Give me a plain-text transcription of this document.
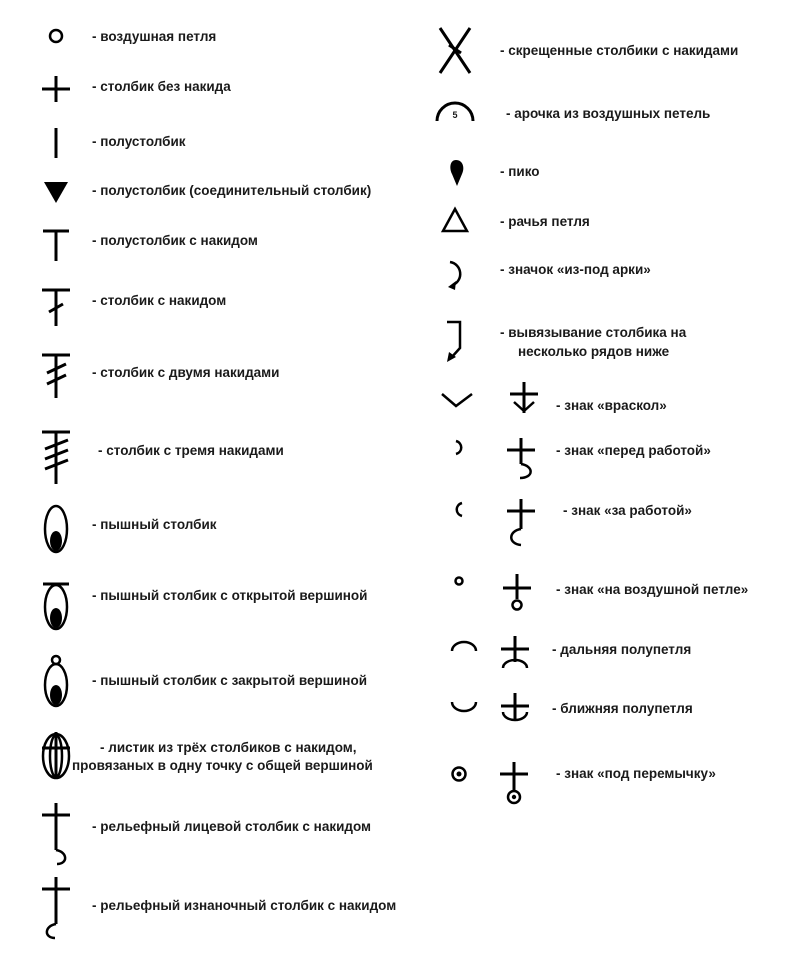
- воздушная петля
- столбик без накида
- полустолбик
- полустолбик (соединительный столбик)
- полустолбик с накидом
- столбик с накидом
- столбик с двумя накидами
- столбик с тремя накидами
- пышный столбик
- пышный столбик с открытой вершиной
- пышный столбик с закрытой вершиной
- листик из трёх столбиков с накидом,
провязаных в одну точку с общей вершиной
- рельефный лицевой столбик с накидом
- рельефный изнаночный столбик с накидом
- скрещенные столбики с накидами
5	- арочка из воздушных петель
- пико
- рачья петля
- значок «из-под арки»
- вывязывание столбика на
несколько рядов ниже
- знак «враскол»
- знак «перед работой»
- знак «за работой»
- знак «на воздушной петле»
- дальняя полупетля
- ближняя полупетля
- знак «под перемычку»
